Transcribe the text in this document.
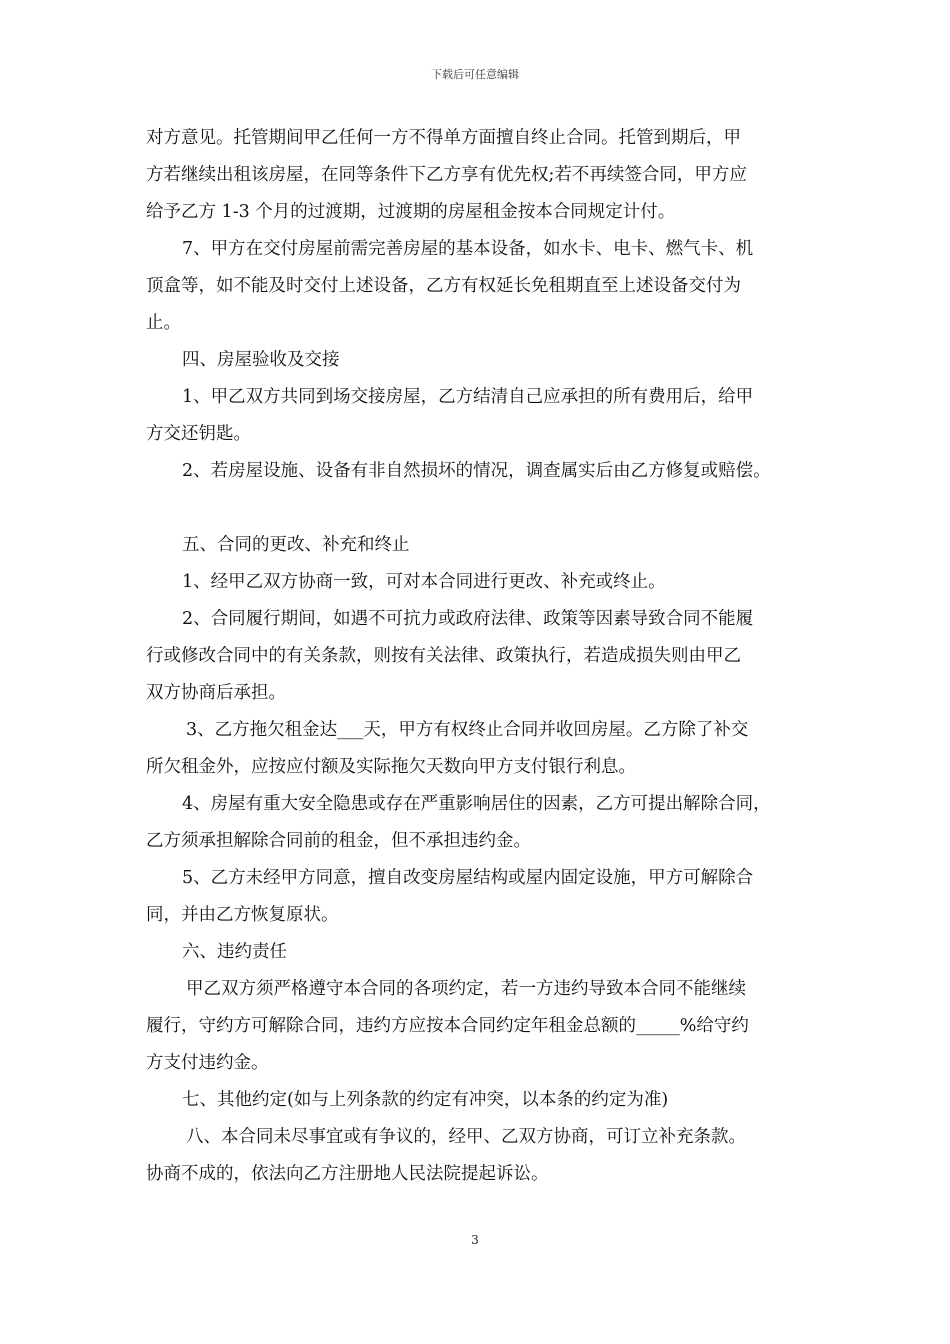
下载后可任意编辑

对方意见。托管期间甲乙任何一方不得单方面擅自终止合同。托管到期后，甲

方若继续出租该房屋，在同等条件下乙方享有优先权;若不再续签合同，甲方应

给予乙方 1-3 个月的过渡期，过渡期的房屋租金按本合同规定计付。

7、甲方在交付房屋前需完善房屋的基本设备，如水卡、电卡、燃气卡、机

顶盒等，如不能及时交付上述设备，乙方有权延长免租期直至上述设备交付为

止。

四、房屋验收及交接

1、甲乙双方共同到场交接房屋，乙方结清自己应承担的所有费用后，给甲

方交还钥匙。

2、若房屋设施、设备有非自然损坏的情况，调查属实后由乙方修复或赔偿。

五、合同的更改、补充和终止

1、经甲乙双方协商一致，可对本合同进行更改、补充或终止。

2、合同履行期间，如遇不可抗力或政府法律、政策等因素导致合同不能履

行或修改合同中的有关条款，则按有关法律、政策执行，若造成损失则由甲乙

双方协商后承担。

3、乙方拖欠租金达___天，甲方有权终止合同并收回房屋。乙方除了补交

所欠租金外，应按应付额及实际拖欠天数向甲方支付银行利息。

4、房屋有重大安全隐患或存在严重影响居住的因素，乙方可提出解除合同，

乙方须承担解除合同前的租金，但不承担违约金。

5、乙方未经甲方同意，擅自改变房屋结构或屋内固定设施，甲方可解除合

同，并由乙方恢复原状。

六、违约责任

甲乙双方须严格遵守本合同的各项约定，若一方违约导致本合同不能继续

履行，守约方可解除合同，违约方应按本合同约定年租金总额的_____%给守约

方支付违约金。

七、其他约定(如与上列条款的约定有冲突，以本条的约定为准)

八、本合同未尽事宜或有争议的，经甲、乙双方协商，可订立补充条款。

协商不成的，依法向乙方注册地人民法院提起诉讼。

3
